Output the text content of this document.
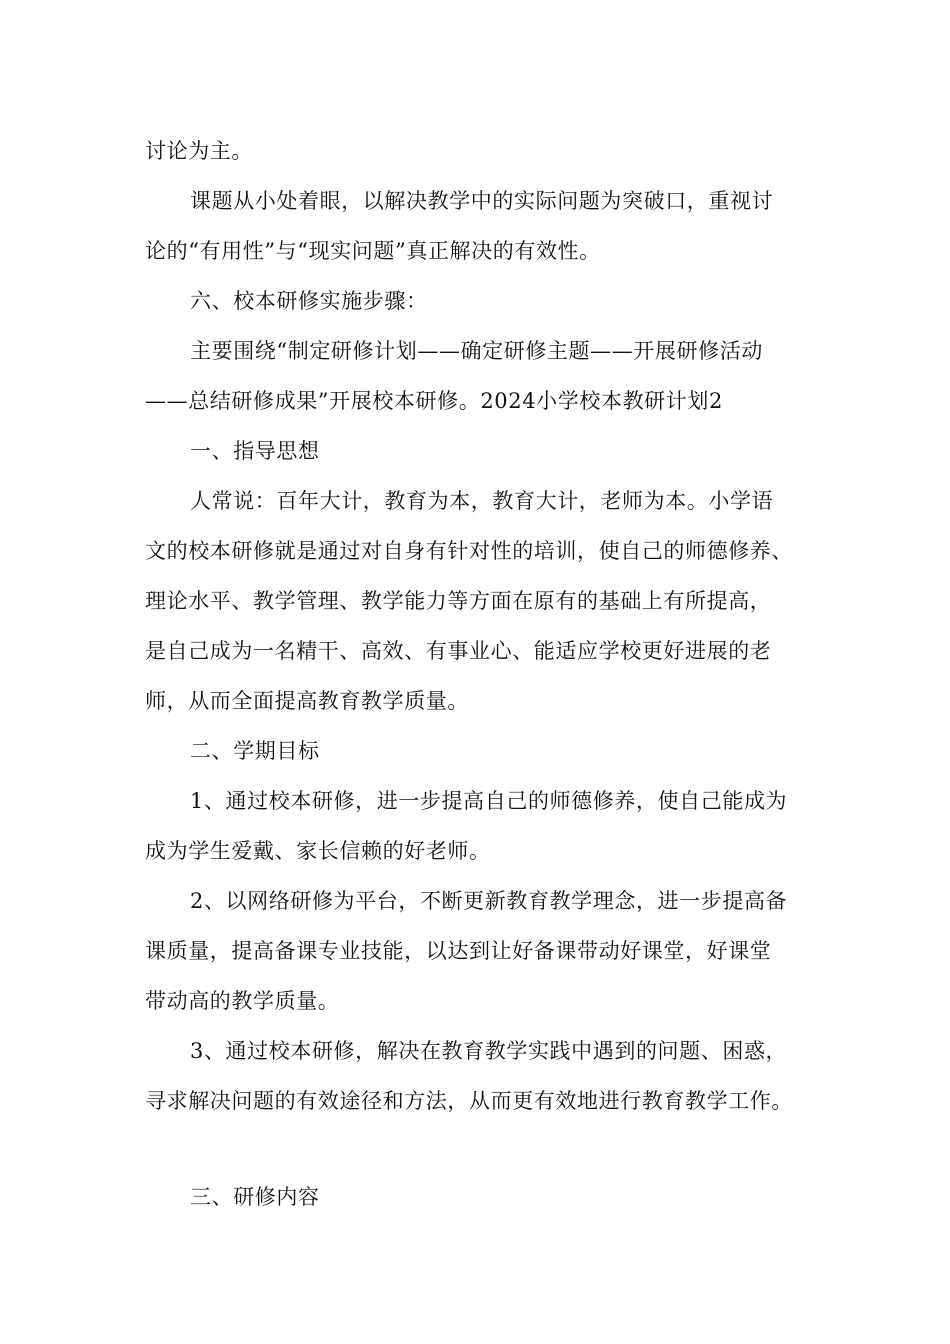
讨论为主。
课题从小处着眼，以解决教学中的实际问题为突破口，重视讨
论的“有用性”与“现实问题”真正解决的有效性。
六、校本研修实施步骤：
主要围绕“制定研修计划——确定研修主题——开展研修活动
——总结研修成果”开展校本研修。2024小学校本教研计划2
一、指导思想
人常说：百年大计，教育为本，教育大计，老师为本。小学语
文的校本研修就是通过对自身有针对性的培训，使自己的师德修养、
理论水平、教学管理、教学能力等方面在原有的基础上有所提高，
是自己成为一名精干、高效、有事业心、能适应学校更好进展的老
师，从而全面提高教育教学质量。
二、学期目标
1、通过校本研修，进一步提高自己的师德修养，使自己能成为
成为学生爱戴、家长信赖的好老师。
2、以网络研修为平台，不断更新教育教学理念，进一步提高备
课质量，提高备课专业技能，以达到让好备课带动好课堂，好课堂
带动高的教学质量。
3、通过校本研修，解决在教育教学实践中遇到的问题、困惑，
寻求解决问题的有效途径和方法，从而更有效地进行教育教学工作。
三、研修内容
